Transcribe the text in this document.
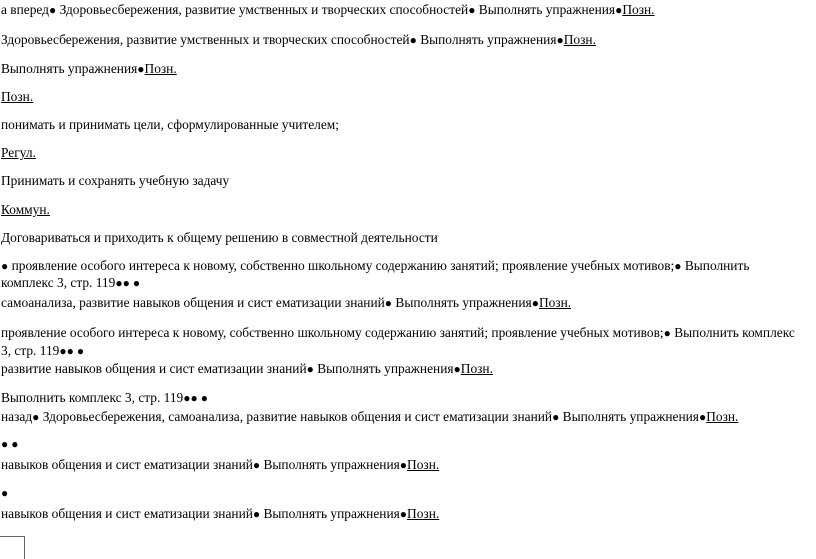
а вперед● Здоровьесбережения, развитие умственных и творческих способностей● Выполнять упражнения●Позн.
Здоровьесбережения, развитие умственных и творческих способностей● Выполнять упражнения●Позн.
Выполнять упражнения●Позн.
Позн.
понимать и принимать цели, сформулированные учителем;
Регул.
Принимать и сохранять учебную задачу
Коммун.
Договариваться и приходить к общему решению в совместной деятельности
● проявление особого интереса к новому, собственно школьному содержанию занятий; проявление учебных мотивов;● Выполнить
комплекс 3, стр. 119●● ●
самоанализа, развитие навыков общения и сист ематизации знаний● Выполнять упражнения●Позн.
проявление особого интереса к новому, собственно школьному содержанию занятий; проявление учебных мотивов;● Выполнить комплекс
3, стр. 119●● ●
развитие навыков общения и сист ематизации знаний● Выполнять упражнения●Позн.
Выполнить комплекс 3, стр. 119●● ●
назад● Здоровьесбережения, самоанализа, развитие навыков общения и сист ематизации знаний● Выполнять упражнения●Позн.
● ●
навыков общения и сист ематизации знаний● Выполнять упражнения●Позн.
●
навыков общения и сист ематизации знаний● Выполнять упражнения●Позн.
